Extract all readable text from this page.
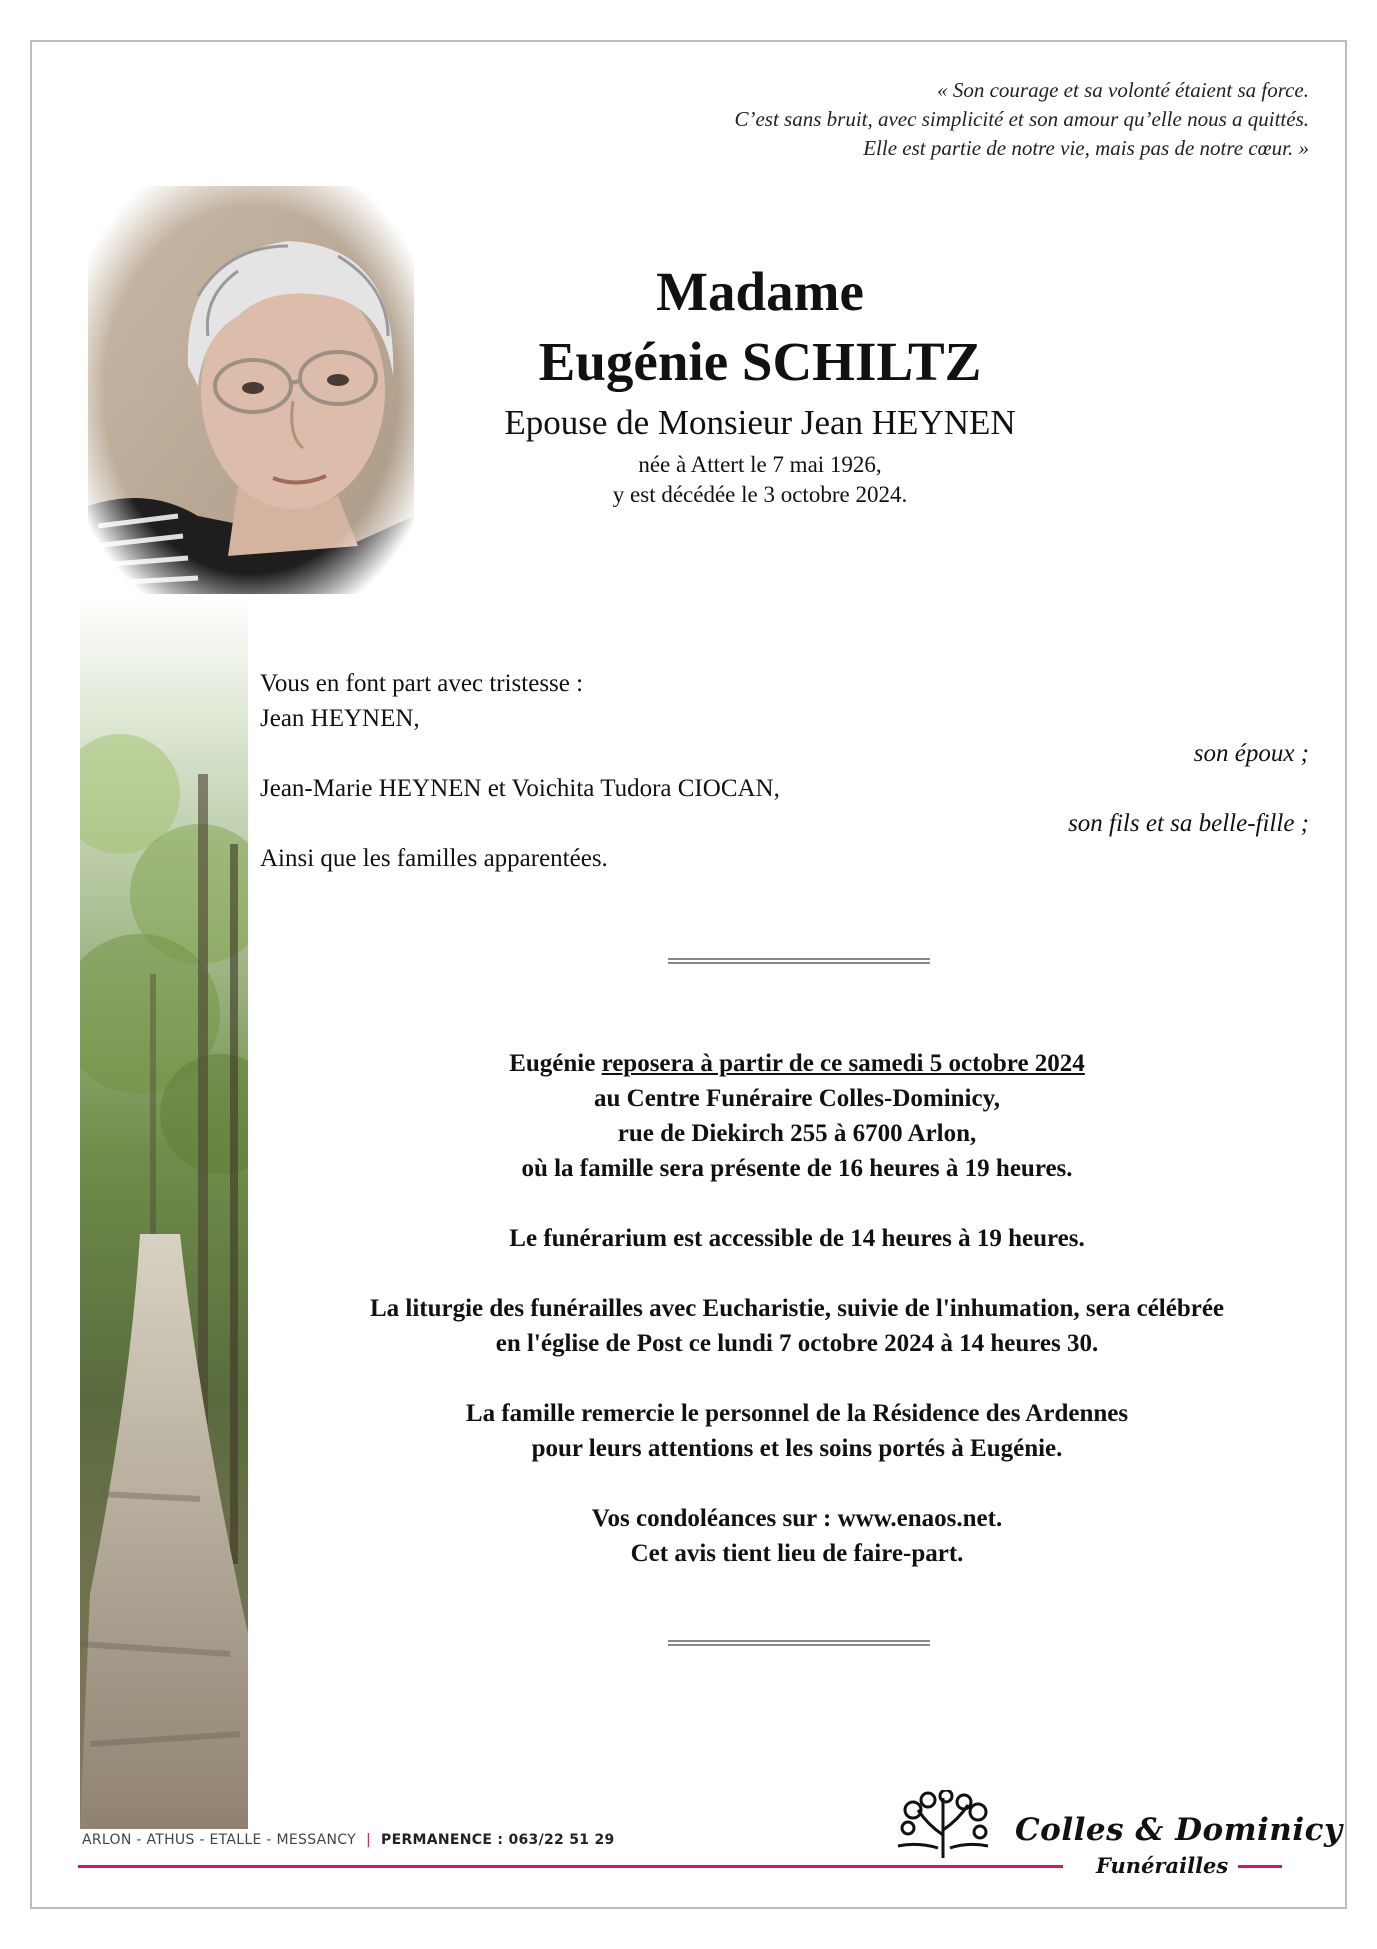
« Son courage et sa volonté étaient sa force.
C’est sans bruit, avec simplicité et son amour qu’elle nous a quittés.
Elle est partie de notre vie, mais pas de notre cœur. »
Madame
Eugénie SCHILTZ
Epouse de Monsieur Jean HEYNEN
née à Attert le 7 mai 1926,
y est décédée le 3 octobre 2024.
Vous en font part avec tristesse :
Jean HEYNEN,
son époux ;
Jean-Marie HEYNEN et Voichita Tudora CIOCAN,
son fils et sa belle-fille ;
Ainsi que les familles apparentées.
Eugénie reposera à partir de ce samedi 5 octobre 2024
au Centre Funéraire Colles-Dominicy,
rue de Diekirch 255 à 6700 Arlon,
où la famille sera présente de 16 heures à 19 heures.
Le funérarium est accessible de 14 heures à 19 heures.
La liturgie des funérailles avec Eucharistie, suivie de l'inhumation, sera célébrée
en l'église de Post ce lundi 7 octobre 2024 à 14 heures 30.
La famille remercie le personnel de la Résidence des Ardennes
pour leurs attentions et les soins portés à Eugénie.
Vos condoléances sur : www.enaos.net.
Cet avis tient lieu de faire-part.
ARLON - ATHUS - ETALLE - MESSANCY | PERMANENCE : 063/22 51 29	Colles & Dominicy
Funérailles
